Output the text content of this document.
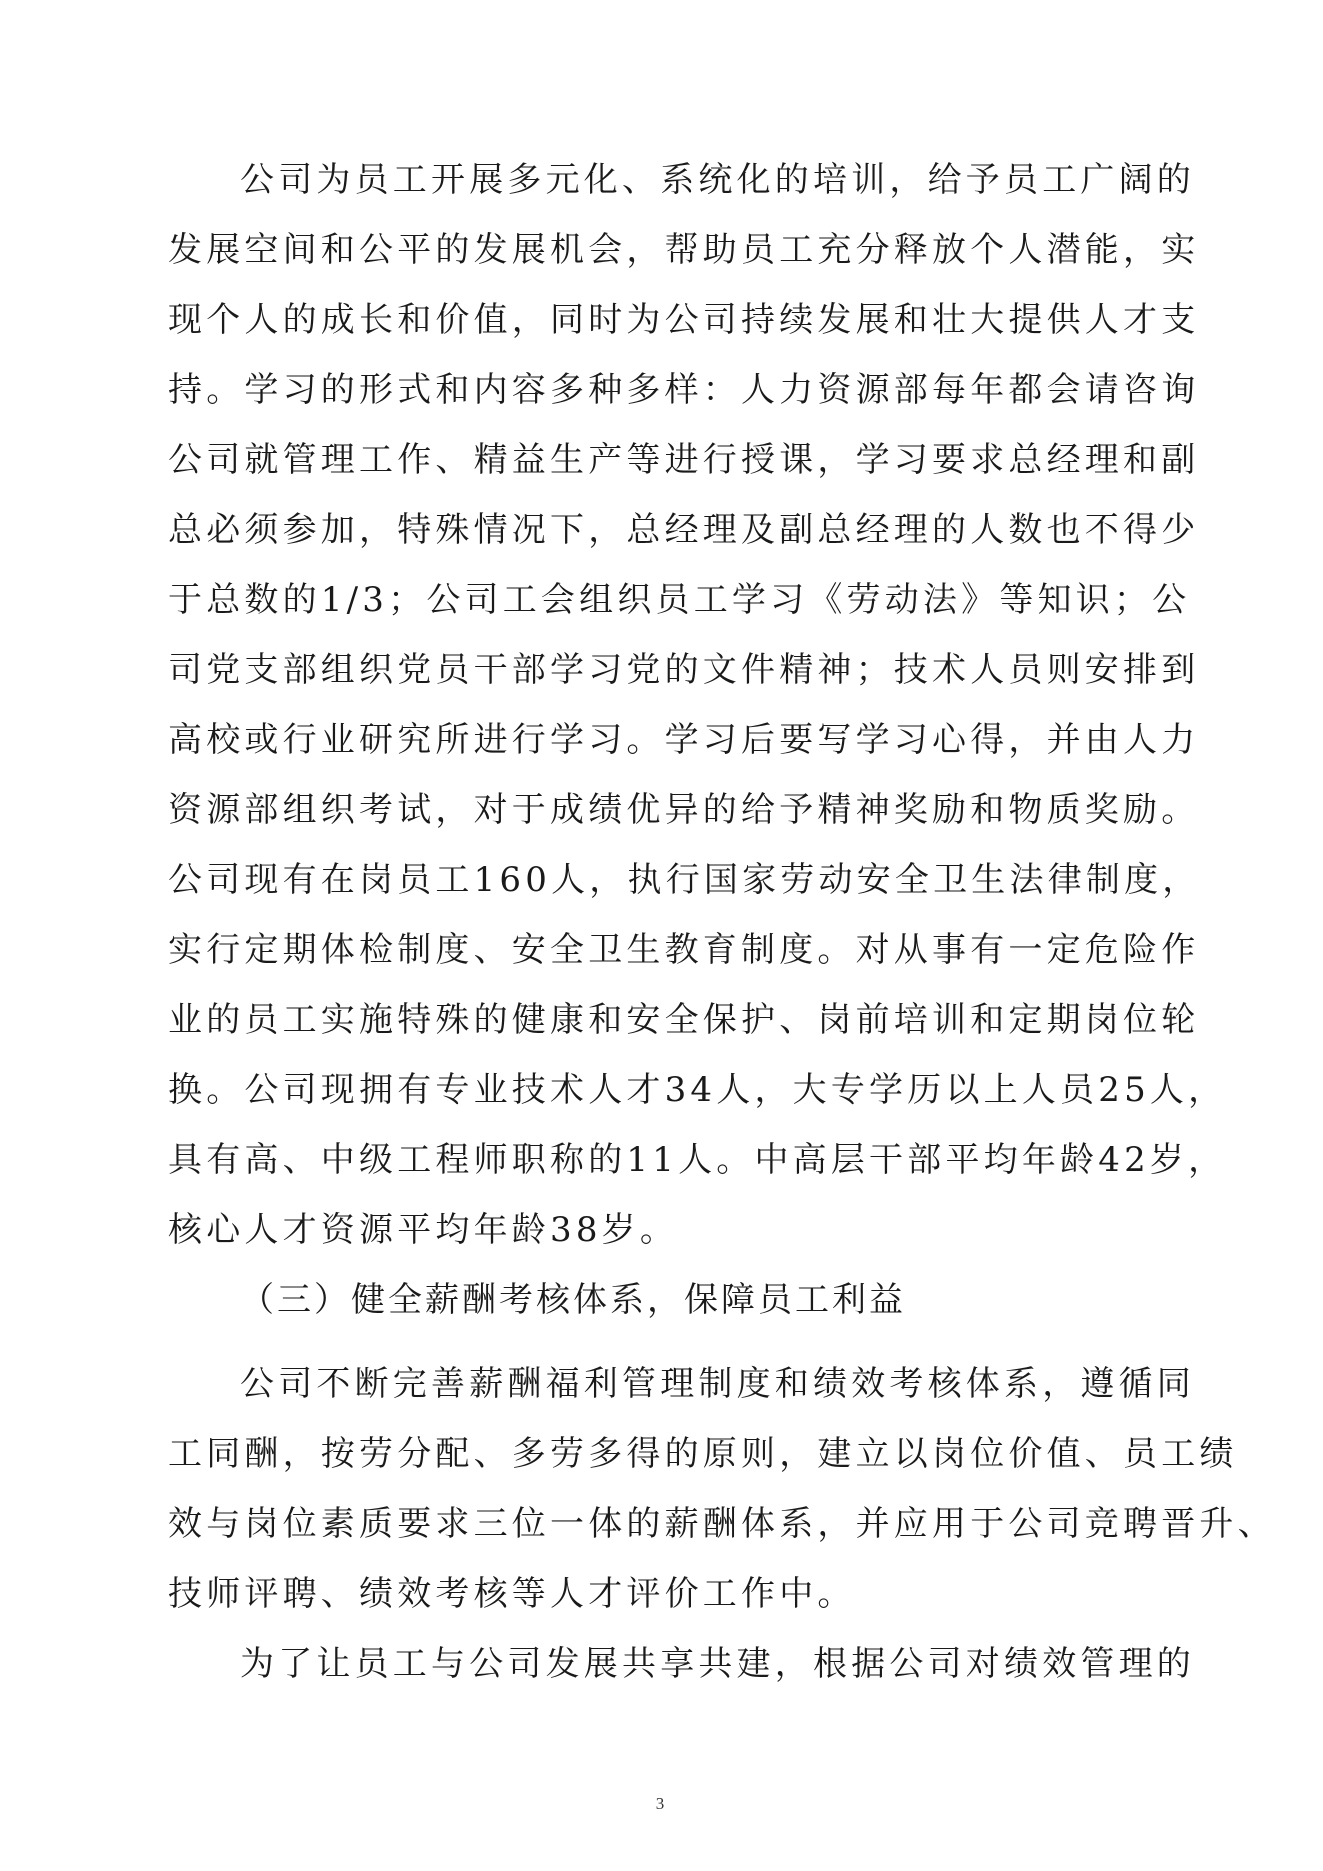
公司为员工开展多元化、系统化的培训，给予员工广阔的
发展空间和公平的发展机会，帮助员工充分释放个人潜能，实
现个人的成长和价值，同时为公司持续发展和壮大提供人才支
持。学习的形式和内容多种多样：人力资源部每年都会请咨询
公司就管理工作、精益生产等进行授课，学习要求总经理和副
总必须参加，特殊情况下，总经理及副总经理的人数也不得少
于总数的1/3；公司工会组织员工学习《劳动法》等知识；公
司党支部组织党员干部学习党的文件精神；技术人员则安排到
高校或行业研究所进行学习。学习后要写学习心得，并由人力
资源部组织考试，对于成绩优异的给予精神奖励和物质奖励。
公司现有在岗员工160人，执行国家劳动安全卫生法律制度，
实行定期体检制度、安全卫生教育制度。对从事有一定危险作
业的员工实施特殊的健康和安全保护、岗前培训和定期岗位轮
换。公司现拥有专业技术人才34人，大专学历以上人员25人，
具有高、中级工程师职称的11人。中高层干部平均年龄42岁，
核心人才资源平均年龄38岁。
（三）健全薪酬考核体系，保障员工利益
公司不断完善薪酬福利管理制度和绩效考核体系，遵循同
工同酬，按劳分配、多劳多得的原则，建立以岗位价值、员工绩
效与岗位素质要求三位一体的薪酬体系，并应用于公司竞聘晋升、
技师评聘、绩效考核等人才评价工作中。
为了让员工与公司发展共享共建，根据公司对绩效管理的
3
